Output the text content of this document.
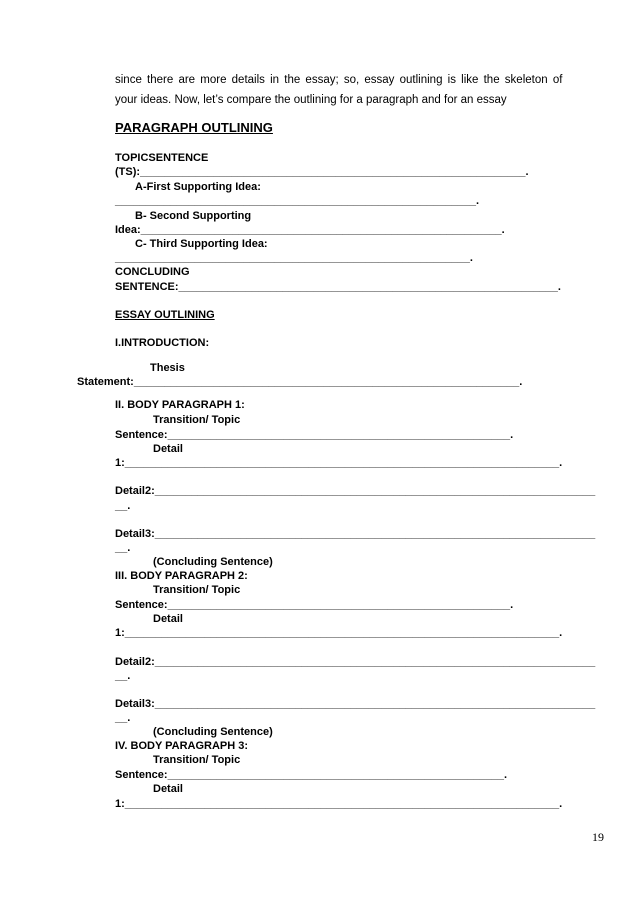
since there are more details in the essay; so, essay outlining is like the skeleton of
your ideas. Now, let’s compare the outlining for a paragraph and for an essay
PARAGRAPH OUTLINING
TOPICSENTENCE
(TS):_______________________________________________________________.
A-First Supporting Idea:
___________________________________________________________.
B- Second Supporting
Idea:___________________________________________________________.
C- Third Supporting Idea:
__________________________________________________________.
CONCLUDING
SENTENCE:______________________________________________________________.
ESSAY OUTLINING
I.INTRODUCTION:
Thesis
Statement:_______________________________________________________________.
II. BODY PARAGRAPH 1:
Transition/ Topic
Sentence:________________________________________________________.
Detail
1:_______________________________________________________________________.
Detail2:________________________________________________________________________
__.
Detail3:________________________________________________________________________
__.
(Concluding Sentence)
III. BODY PARAGRAPH 2:
Transition/ Topic
Sentence:________________________________________________________.
Detail
1:_______________________________________________________________________.
Detail2:________________________________________________________________________
__.
Detail3:________________________________________________________________________
__.
(Concluding Sentence)
IV. BODY PARAGRAPH 3:
Transition/ Topic
Sentence:_______________________________________________________.
Detail
1:_______________________________________________________________________.
19
